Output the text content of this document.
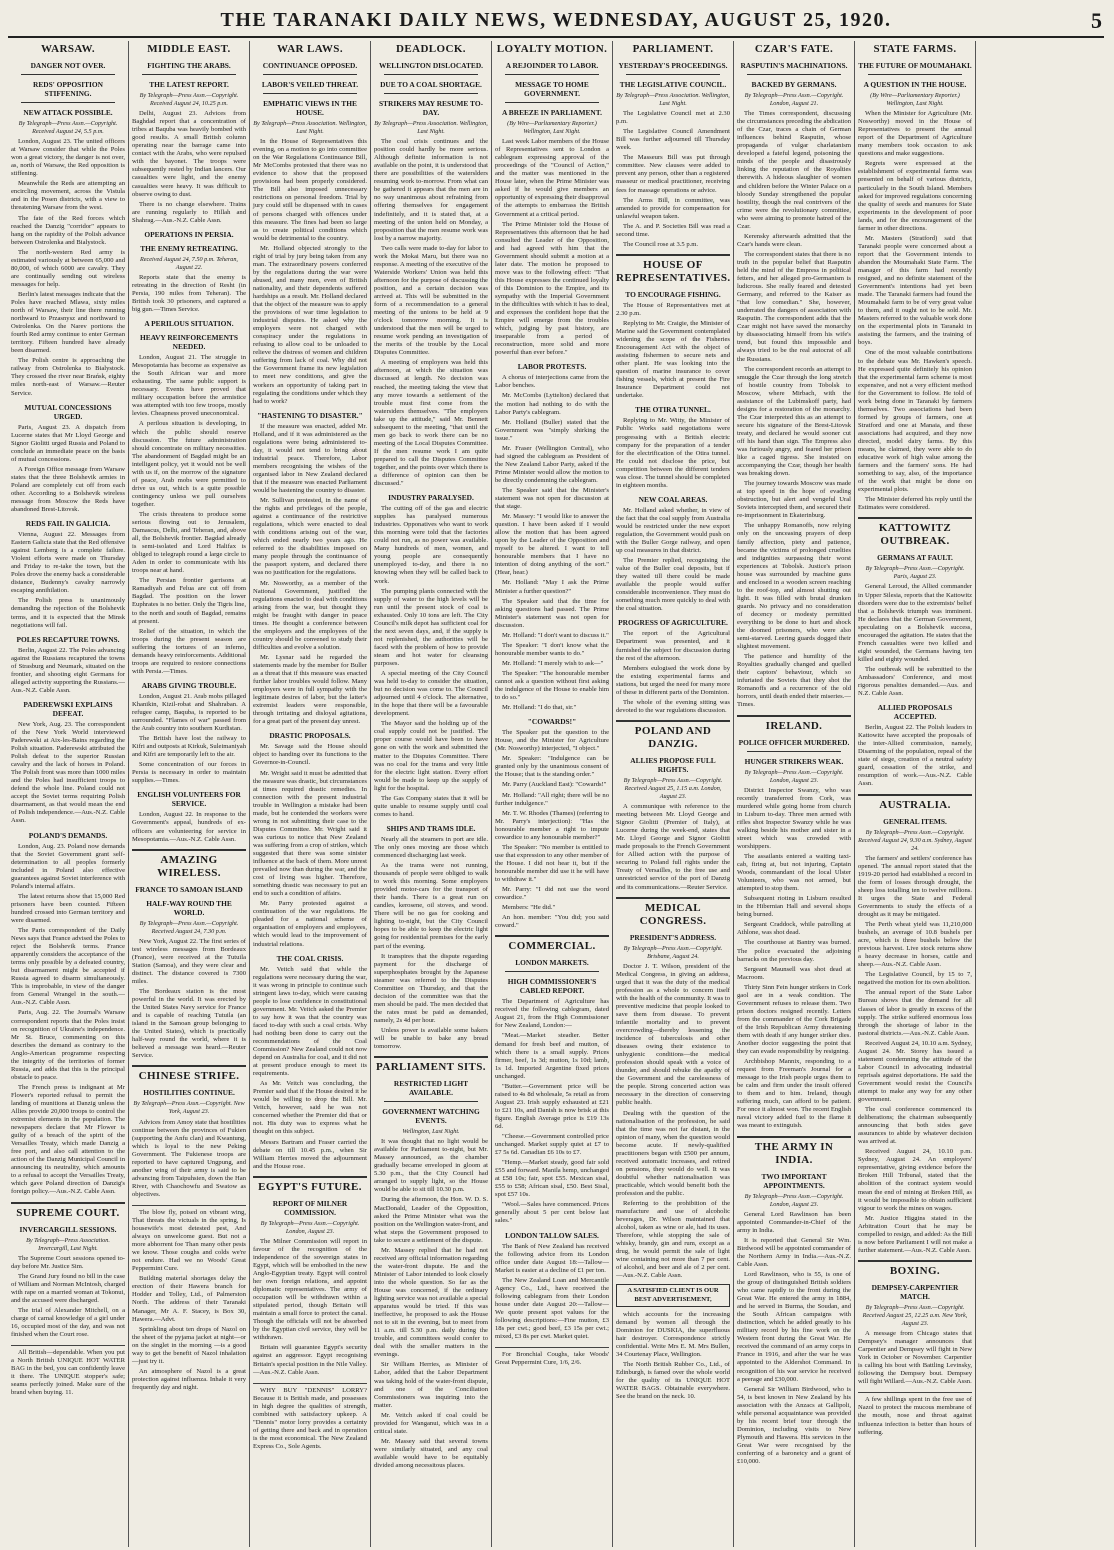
THE TARANAKI DAILY NEWS, WEDNESDAY, AUGUST 25, 1920.	5
WARSAW.
DANGER NOT OVER.
REDS' OPPOSITION STIFFENING.
NEW ATTACK POSSIBLE.
By Telegraph—Press Assn.—Copyright. Received August 24, 5.5 p.m.

London, August 23. The united officers at Warsaw consider that while the Poles won a great victory, the danger is not over, as, north of Warsaw, the Red opposition is stiffening.

Meanwhile the Reds are attempting an encircling movement, across the Vistula and in the Posen districts, with a view to threatening Warsaw from the west.

The fate of the Red forces which reached the Danzig "corridor" appears to hang on the rapidity of the Polish advance between Ostrolenka and Bialystock.

The north-western Red army is estimated variously at between 65,000 and 80,000, of which 6000 are cavalry. They are continually sending out wireless messages for help.

Berlin's latest messages indicate that the Poles have reached Mlawa, sixty miles north of Warsaw, their line there running northward to Przasnysz and northward to Ostrolenka. On the Narev portions the fourth Red army continue to enter German territory. Fifteen hundred have already been disarmed.

The Polish centre is approaching the railway from Ostrolenka to Bialystock. They crossed the river near Brańsk, eighty miles north-east of Warsaw.—Reuter Service.

MUTUAL CONCESSIONS URGED.

Paris, August 23. A dispatch from Lucerne states that Mr Lloyd George and Signor Giolitti urged Russia and Poland to conclude an immediate peace on the basis of mutual concessions.

A Foreign Office message from Warsaw states that the three Bolshevik armies in Poland are completely cut off from each other. According to a Bolshevik wireless message from Moscow the Reds have abandoned Brest-Litovsk.

REDS FAIL IN GALICIA.

Vienna, August 22. Messages from Eastern Galicia state that the Red offensive against Lemberg is a complete failure. Violent efforts were made on Thursday and Friday to re-take the town, but the Poles drove the enemy back a considerable distance, Budenny's cavalry narrowly escaping annihilation.

The Polish press is unanimously demanding the rejection of the Bolshevik terms, and it is expected that the Minsk negotiations will fail.

POLES RECAPTURE TOWNS.

Berlin, August 22. The Poles advancing against the Russians recaptured the towns of Strasburg and Neumark, situated on the frontier, and shooting eight Germans for alleged activity supporting the Russians.—Aus.-N.Z. Cable Assn.

PADEREWSKI EXPLAINS DEFEAT.

New York, Aug. 23. The correspondent of the New York World interviewed Paderewski at Aix-les-Bains regarding the Polish situation. Paderewski attributed the Polish defeat to the superior Russian cavalry and the lack of horses in Poland. The Polish front was more than 1000 miles and the Poles had insufficient troops to defend the whole line. Poland could not accept the Soviet terms requiring Polish disarmament, as that would mean the end of Polish independence.—Aus.-N.Z. Cable Assn.

POLAND'S DEMANDS.

London, Aug. 23. Poland now demands that the Soviet Government grant self-determination to all peoples formerly included in Poland also effective guarantees against Soviet interference with Poland's internal affairs.

The latest returns show that 15,000 Red prisoners have been counted. Fifteen hundred crossed into German territory and were disarmed.

The Paris correspondent of the Daily News says that France advised the Poles to reject the Bolshevik terms. France apparently considers the acceptance of the terms only possible by a defeated country, but disarmament might be accepted if Russia agreed to disarm simultaneously. This is improbable, in view of the danger from General Wrangel in the south.—Aus.-N.Z. Cable Assn.

Paris, Aug. 22. The Journal's Warsaw correspondent reports that the Poles insist on recognition of Ukraine's independence. Mr St. Bruce, commenting on this describes the demand as contrary to the Anglo-American programme respecting the integrity of the territories of former Russia, and adds that this is the principal obstacle to peace.

The French press is indignant at Mr Flower's reported refusal to permit the landing of munitions at Danzig unless the Allies provide 20,000 troops to control the extremist elements in the population. The newspapers declare that Mr Flower is guilty of a breach of the spirit of the Versailles Treaty, which made Danzig a free port, and also call attention to the action of the Danzig Municipal Council in announcing its neutrality, which amounts to a refusal to accept the Versailles Treaty, which gave Poland direction of Danzig's foreign policy.—Aus.-N.Z. Cable Assn.

SUPREME COURT.
INVERCARGILL SESSIONS.
By Telegraph—Press Association. Invercargill, Last Night.

The Supreme Court sessions opened to-day before Mr. Justice Sim.

The Grand Jury found no bill in the case of William and Norman McIntosh, charged with rape on a married woman at Tokonui, and the accused were discharged.

The trial of Alexander Mitchell, on a charge of carnal knowledge of a girl under 16, occupied most of the day, and was not finished when the Court rose.

All British—dependable. When you put a North British UNIQUE HOT WATER BAG in the bed, you can confidently leave it there. The UNIQUE stopper's safe; seams perfectly joined. Make sure of the brand when buying. 11.

MIDDLE EAST.
FIGHTING THE ARABS.
THE LATEST REPORT.
By Telegraph—Press Assn.—Copyright. Received August 24, 10.25 p.m.

Delhi, August 23. Advices from Baghdad report that a concentration of tribes at Baquba was heavily bombed with good results. A small British column operating near the barrage came into contact with the Arabs, who were repulsed with the bayonet. The troops were subsequently rested by Indian lancers. Our casualties were light, and the enemy casualties were heavy. It was difficult to observe owing to dust.

There is no change elsewhere. Trains are running regularly to Hillah and Shahrag.—Aus.-N.Z. Cable Assn.

OPERATIONS IN PERSIA.
THE ENEMY RETREATING.
Received August 24, 7.50 p.m. Teheran, August 22.

Reports state that the enemy is retreating in the direction of Resht (in Persia, 190 miles from Teheran). The British took 30 prisoners, and captured a big gun.—Times Service.

A PERILOUS SITUATION.
HEAVY REINFORCEMENTS NEEDED.

London, August 21. The struggle in Mesopotamia has become as expensive as the South African war and more exhausting. The same public support is necessary. Events have proved that military occupation before the armistice was attempted with too few troops, mostly levies. Cheapness proved uneconomical.

A perilous situation is developing, in which the public should reserve discussion. The future administration should concentrate on military necessities. The abandonment of Bagdad might be an intelligent policy, yet it would not be well with us if, on the morrow of the signature of peace, Arab mobs were permitted to drive us out, which is a quite possible contingency unless we pull ourselves together.

The crisis threatens to produce some serious flowing out to Jerusalem, Damascus, Delhi, and Teheran, and, above all, the Bolshevik frontier. Bagdad already is semi-isolated and Lord Halifax is obliged to telegraph round a large circle to Aden in order to communicate with his troops near at hand.

The Persian frontier garrisons at Ramadiyah and Felua are cut off from Bagdad. The position on the lower Euphrates is no better. Only the Tigris line, to the north and south of Bagdad, remains at present.

Relief of the situation, in which the troops during the present season are suffering the tortures of an inferno, demands heavy reinforcements. Additional troops are required to restore connections with Persia.—Times.

ARABS GIVING TROUBLE.

London, August 21. Arab mobs pillaged Khanikin, Kizil-robat and Shahraban. A refugee camp, Baquba, is reported to be surrounded. "Flames of war" passed from the Arab country into southern Kurdistan.

The British have lost the railway to Kifri and outposts at Kirkuk, Suleimaniyah and Kifri are temporarily left to the air.

Some concentration of our forces in Persia is necessary in order to maintain supplies.—Times.

ENGLISH VOLUNTEERS FOR SERVICE.

London, August 22. In response to the Government's appeal, hundreds of ex-officers are volunteering for service in Mesopotamia.—Aus.-N.Z. Cable Assn.

AMAZING WIRELESS.
FRANCE TO SAMOAN ISLAND
HALF-WAY ROUND THE WORLD.
By Telegraph—Press Assn.—Copyright. Received August 24, 7.30 p.m.

New York, August 22. The first series of test wireless messages from Bordeaux (France), were received at the Tutuila Station (Samoa), and they were clear and distinct. The distance covered is 7300 miles.

The Bordeaux station is the most powerful in the world. It was erected by the United States Navy service for France and is capable of reaching Tutuila (an island in the Samoan group belonging to the United States), which is practically half-way round the world, where it is believed a message was heard.—Reuter Service.

CHINESE STRIFE.
HOSTILITIES CONTINUE.
By Telegraph—Press Assn.—Copyright. New York, August 23.

Advices from Amoy state that hostilities continue between the provinces of Fukien (supporting the Anfu clan) and Kwantung, which is loyal to the new Peking Government. The Fukienese troops are reported to have captured Ungpung, and another wing of their army is said to be advancing from Taipuhsien, down the Han River, with Chaochowfu and Swatow as objectives.

The blow fly, poised on vibrant wing, That threats the victuals in the spring, Is housewife's most detested pest, And always on unwelcome guest. But not a more abhorrent foe Than many other pests we know. Those coughs and colds we're not endure. Had we no Woods' Great Peppermint Cure.

Building material shortages delay the erection of their Hawera branch for Hodder and Tolley, Ltd., of Palmerston North. The address of their Taranaki Manager, Mr A. F. Stacey, is Box 30, Hawera.—Advt.

Sprinkling about ten drops of Nazol on the sheet of the pyjama jacket at night—or on the singlet in the morning —is a good way to get the benefit of Nazol inhalation—just try it.

An atmosphere of Nazol is a great protection against influenza. Inhale it very frequently day and night.

WAR LAWS.
CONTINUANCE OPPOSED.
LABOR'S VEILED THREAT.
EMPHATIC VIEWS IN THE HOUSE.
By Telegraph—Press Association. Wellington, Last Night.

In the House of Representatives this evening, on a motion to go into committee on the War Regulations Continuance Bill, Mr McCombs protested that there was no evidence to show that the proposed provisions had been properly considered. The Bill also imposed unnecessary restrictions on personal freedom. Trial by jury could still be dispensed with in cases of persons charged with offences under this measure. The fines had been so large as to create political conditions which would be detrimental to the country.

Mr. Holland objected strongly to the right of trial by jury being taken from any man. The extraordinary powers conferred by the regulations during the war were abused, and many men, even of British nationality, and their dependents suffered hardships as a result. Mr. Holland declared that the object of the measure was to apply the provisions of war time legislation to industrial disputes. He asked why the employers were not charged with conspiracy under the regulations in refusing to allow coal to be unloaded to relieve the distress of women and children suffering from lack of coal. Why did not the Government frame its new legislation to meet new conditions, and give the workers an opportunity of taking part in regulating the conditions under which they had to work?

"HASTENING TO DISASTER."

If the measure was enacted, added Mr. Holland, and if it was administered as the regulations were being administered to-day, it would not tend to bring about industrial peace. Therefore, Labor members recognising the wishes of the organised labor in New Zealand declared that if the measure was enacted Parliament would be hastening the country to disaster.

Mr. Sullivan protested, in the name of the rights and privileges of the people, against a continuance of the restrictive regulations, which were enacted to deal with conditions arising out of the war, which ended nearly two years ago. He referred to the disabilities imposed on many people through the continuance of the passport system, and declared there was no justification for the regulations.

Mr. Nosworthy, as a member of the National Government, justified the regulations enacted to deal with conditions arising from the war, but thought they might be fraught with danger in peace times. He thought a conference between the employers and the employees of the country should be convened to study their difficulties and evolve a solution.

Mr. Lysnar said he regarded the statements made by the member for Buller as a threat that if this measure was enacted further labor troubles would follow. Many employers were in full sympathy with the legitimate desires of labor, but the latter's extremist leaders were responsible, through irritating and disloyal agitations, for a great part of the present day unrest.

DRASTIC PROPOSALS.

Mr. Savage said the House should object to handing over its functions to the Governor-in-Council.

Mr. Wright said it must be admitted that the measure was drastic, but circumstances at times required drastic remedies. In connection with the present industrial trouble in Wellington a mistake had been made, but he contended the workers were wrong in not submitting their case to the Disputes Committee. Mr. Wright said it was curious to notice that New Zealand was suffering from a crop of strikes, which suggested that there was some sinister influence at the back of them. More unrest prevailed now than during the war, and the cost of living was higher. Therefore, something drastic was necessary to put an end to such a condition of affairs.

Mr. Parry protested against a continuation of the war regulations. He pleaded for a national scheme of organisation of employers and employees, which would lead to the improvement of industrial relations.

THE COAL CRISIS.

Mr. Veitch said that while the regulations were necessary during the war, it was wrong in principle to continue such stringent laws to-day, which were causing people to lose confidence in constitutional government. Mr. Veitch asked the Premier to say how it was that the country was faced to-day with such a coal crisis. Why had nothing been done to carry out the recommendations of the Coal Commission? New Zealand could not now depend on Australia for coal, and it did not at present produce enough to meet its requirements.

As Mr. Veitch was concluding, the Premier said that if the House desired it he would be willing to drop the Bill. Mr. Veitch, however, said he was not concerned whether the Premier did that or not. His duty was to express what he thought on this subject.

Messrs Bartram and Fraser carried the debate on till 10.45 p.m., when Sir William Herries moved the adjournment and the House rose.

EGYPT'S FUTURE.
REPORT OF MILNER COMMISSION.
By Telegraph—Press Assn.—Copyright. London, August 23.

The Milner Commission will report in favour of the recognition of the independence of the sovereign states in Egypt, which will be embodied in the new Anglo-Egyptian treaty. Egypt will control her own foreign relations, and appoint diplomatic representatives. The army of occupation will be withdrawn within a stipulated period, though Britain will maintain a small force to protect the canal. Though the officials will not be absorbed by the Egyptian civil service, they will be withdrawn.

Britain will guarantee Egypt's security against an aggressor. Egypt recognising Britain's special position in the Nile Valley.—Aus.-N.Z. Cable Assn.

WHY BUY "DENNIS" LORRY? Because it is British made, and possesses in high degree the qualities of strength, combined with satisfactory upkeep. A "Dennis" motor lorry provides a certainty of getting there and back and in operation is the most economical. The New Zealand Express Co., Sole Agents.

DEADLOCK.
WELLINGTON DISLOCATED.
DUE TO A COAL SHORTAGE.
STRIKERS MAY RESUME TO-DAY.
By Telegraph—Press Association. Wellington, Last Night.

The coal crisis continues and the position could hardly be more serious. Although definite information is not available on the point, it is understood that there are possibilities of the waterslders resuming work to-morrow. From what can be gathered it appears that the men are in no way unanimous about refraining from offering themselves for engagement indefinitely, and it is stated that, at a meeting of the union held on Monday, a proposition that the men resume work was lost by a narrow majority.

Two calls were made to-day for labor to work the Mokai Maru, but there was no response. A meeting of the executive of the Waterside Workers' Union was held this afternoon for the purpose of discussing the position, and a certain decision was arrived at. This will be submitted in the form of a recommendation to a general meeting of the unions to be held at 9 o'clock tomorrow morning. It is understood that the men will be urged to resume work pending an investigation of the merits of the trouble by the Local Disputes Committee.

A meeting of employers was held this afternoon, at which the situation was discussed at length. No decision was reached, the meeting taking the view that any move towards a settlement of the trouble must first come from the watersiders themselves. "The employers take up the attitude," said Mr. Bennett subsequent to the meeting, "that until the men go back to work there can be no meeting of the Local Disputes Committee. If the men resume work I am quite prepared to call the Disputes Committee together, and the points over which there is a difference of opinion can then be discussed."

INDUSTRY PARALYSED.

The cutting off of the gas and electric supplies has paralysed numerous industries. Opponatives who want to work this morning were told that the factories could not run, as no power was available. Many hundreds of men, women, and young people are consequently unemployed to-day, and there is no knowing when they will be called back to work.

The pumping plants connected with the supply of water to the high levels will be run until the present stock of coal is exhausted. Only 10 tons are left. The City Council's milk depot has sufficient coal for the next seven days, and, if the supply is not replenished, the authorities will be faced with the problem of how to provide steam and hot water for cleansing purposes.

A special meeting of the City Council was held to-day to consider the situation, but no decision was come to. The Council adjourned until 4 o'clock. The alternative, in the hope that there will be a favourable development.

The Mayor said the holding up of the coal supply could not be justified. The proper course would have been to have gone on with the work and submitted the matter to the Disputes Committee. There was no coal for the trams and very little for the electric light station. Every effort would be made to keep up the supply of light for the hospital.

The Gas Company states that it will be quite unable to resume supply until coal comes to hand.

SHIPS AND TRAMS IDLE.

Nearly all the steamers in port are idle. The only ones moving are those which commenced discharging last week.

As the trams were not running, thousands of people were obliged to walk to work this morning. Some employers provided motor-cars for the transport of their hands. There is a great run on candles, kerosene, oil stoves, and wood. There will be no gas for cooking and lighting to-night, but the City Council hopes to be able to keep the electric light going for residential premises for the early part of the evening.

It transpires that the dispute regarding payment for the discharge of superphosphates brought by the Japanese steamer was referred to the Disputes Committee on Thursday, and that the decision of the committee was that the men should be paid. The men decided that the rates must be paid as demanded, namely, 2s 4d per hour.

Unless power is available some bakers will be unable to bake any bread tomorrow.

PARLIAMENT SITS.
RESTRICTED LIGHT AVAILABLE.
GOVERNMENT WATCHING EVENTS.
Wellington, Last Night.

It was thought that no light would be available for Parliament to-night, but Mr. Massey announced, as the chamber gradually became enveloped in gloom at 5.30 p.m., that the City Council had arranged to supply light, so the House would be able to sit till 10.30 p.m.

During the afternoon, the Hon. W. D. S. MacDonald, Leader of the Opposition, asked the Prime Minister what was the position on the Wellington water-front, and what steps the Government proposed to take to secure a settlement of the dispute.

Mr. Massey replied that he had not received any official information regarding the water-front dispute. He and the Minister of Labor intended to look closely into the whole question. So far as the House was concerned, if the ordinary lighting service was not available a special apparatus would be tried. If this was ineffective, he proposed to ask the House not to sit in the evening, but to meet from 11 a.m. till 5.30 p.m. daily during the trouble, and committees would confer to deal with the smaller matters in the evenings.

Sir William Herries, as Minister of Labor, added that the Labor Department was taking hold of the water-front dispute, and one of the Conciliation Commissioners was inquiring into the matter.

Mr. Veitch asked if coal could be provided for Wanganui, which was in a critical state.

Mr. Massey said that several towns were similarly situated, and any coal available would have to be equitably divided among necessitous places.

LOYALTY MOTION.
A REJOINDER TO LABOR.
MESSAGE TO HOME GOVERNMENT.
A BREEZE IN PARLIAMENT.
(By Wire—Parliamentary Reporter.) Wellington, Last Night.

Last week Labor members of the House of Representatives sent to London a cablegram expressing approval of the proceedings of the "Council of Action," and the matter was mentioned in the House later, when the Prime Minister was asked if he would give members an opportunity of expressing their disapproval of the attempts to embarrass the British Government at a critical period.

The Prime Minister told the House of Representatives this afternoon that he had consulted the Leader of the Opposition, and had agreed with him that the Government should submit a motion at a later date. The motion he proposed to move was to the following effect: "That this House expresses the continued loyalty of this Dominion to the Empire, and its sympathy with the Imperial Government in the difficulties with which it has to deal, and expresses the confident hope that the Empire will emerge from the troubles which, judging by past history, are inseparable from a period of reconstruction, more solid and more powerful than ever before."

LABOR PROTESTS.

A chorus of interjections came from the Labor benches.

Mr. McCombs (Lyttelton) declared that the motion had nothing to do with the Labor Party's cablegram.

Mr. Holland (Buller) stated that the Government was "simply shirking the issue."

Mr. Fraser (Wellington Central), who had signed the cablegram as President of the New Zealand Labor Party, asked if the Prime Minister would allow the motion to be directly condemning the cablegram.

The Speaker said that the Minister's statement was not open for discussion at that stage.

Mr. Massey: "I would like to answer the question. I have been asked if I would allow the motion that has been agreed upon by the Leader of the Opposition and myself to be altered. I want to tell honourable members that I have no intention of doing anything of the sort." (Hear, hear.)

Mr. Holland: "May I ask the Prime Minister a further question?"

The Speaker said that the time for asking questions had passed. The Prime Minister's statement was not open for discussion.

Mr. Holland: "I don't want to discuss it."

The Speaker: "I don't know what the honourable member wants to do."

Mr. Holland: "I merely wish to ask—"

The Speaker: "The honourable member cannot ask a question without first asking the indulgence of the House to enable him to do so."

Mr. Holland: "I do that, sir."

"COWARDS!"

The Speaker put the question to the House, and the Minister for Agriculture (Mr. Nosworthy) interjected, "I object."

Mr. Speaker: "Indulgence can be granted only by the unanimous consent of the House; that is the standing order."

Mr. Parry (Auckland East): "Cowards!"

Mr. Holland: "All right; there will be no further indulgence."

Mr. T. W. Rhodes (Thames) (referring to Mr. Parry's interjection): "Has the honourable member a right to impute cowardice to any honourable member?"

The Speaker: "No member is entitled to use that expression to any other member of the House. I did not hear it, but if the honourable member did use it he will have to withdraw it."

Mr. Parry: "I did not use the word cowardice."

Members: "He did."

An hon. member: "You did; you said coward."

COMMERCIAL.
LONDON MARKETS.
HIGH COMMISSIONER'S CABLED REPORT.

The Department of Agriculture has received the following cablegram, dated August 21, from the High Commissioner for New Zealand, London:—

"Meat.—Market steadier. Better demand for fresh beef and mutton, of which there is a small supply. Prices firmer, beef, 1s 3d; mutton, 1s 10d; lamb, 1s 1d. Imported Argentine fixed prices unchanged.

"Butter.—Government price will be raised to 4s 8d wholesale, 5s retail as from August 23. Irish supply exhausted at £21 to £21 10s, and Danish is now brisk at this figure. English Average price is £19 13s 6d.

"Cheese.—Government controlled price unchanged. Market supply quiet at £7 to £7 5s 6d. Canadian £6 10s to £7.

"Hemp.—Market steady, good fair sold £55 and forward. Manila hemp, unchanged at £58 10s; fair, spot £55. Mexican sisal, £55 to £58; African sisal, £50. Best Sisal, spot £57 10s.

"Wool.—Sales have commenced. Prices generally about 5 per cent below last sales."

LONDON TALLOW SALES.

The Bank of New Zealand has received the following advice from its London office under date August 18:—Tallow—Market is easier at a decline of £1 per ton.

The New Zealand Loan and Mercantile Agency Co., Ltd., have received the following cablegram from their London house under date August 20:—Tallow—We quote present spot values for the following descriptions:—Fine mutton, £3 18s per cwt.; good beef, £3 15s per cwt.; mixed, £3 8s per cwt. Market quiet.

For Bronchial Coughs, take Woods' Great Peppermint Cure, 1/6, 2/6.

PARLIAMENT.
YESTERDAY'S PROCEEDINGS.
THE LEGISLATIVE COUNCIL.
By Telegraph—Press Association. Wellington, Last Night.

The Legislative Council met at 2.30 p.m.

The Legislative Council Amendment Bill was further adjourned till Thursday week.

The Masseurs Bill was put through committee. New clauses were added to prevent any person, other than a registered masseur or medical practitioner, receiving fees for massage operations or advice.

The Arms Bill, in committee, was amended to provide for compensation for unlawful weapon taken.

The A. and P. Societies Bill was read a second time.

The Council rose at 3.5 p.m.

HOUSE OF REPRESENTATIVES.
TO ENCOURAGE FISHING.

The House of Representatives met at 2.30 p.m.

Replying to Mr. Craigie, the Minister of Marine said the Government contemplated widening the scope of the Fisheries Encouragement Act with the object of assisting fishermen to secure nets and other plant. He was looking into the question of marine insurance to cover fishing vessels, which at present the Fire Insurance Department could not undertake.

THE OTIRA TUNNEL.

Replying to Mr. Witty, the Minister of Public Works said negotiations were progressing with a British electric company for the preparation of a tender for the electrification of the Otira tunnel. He could not disclose the price, but competition between the different tenders was close. The tunnel should be completed in eighteen months.

NEW COAL AREAS.

Mr. Holland asked whether, in view of the fact that the coal supply from Australia would be restricted under the new export regulation, the Government would push on with the Buller Gorge railway, and open up coal measures in that district.

The Premier replied, recognising the value of the Buller coal deposits, but if they waited till there could be made available the people would suffer considerable inconvenience. They must do something much more quickly to deal with the coal situation.

PROGRESS OF AGRICULTURE.

The report of the Agricultural Department was presented, and it furnished the subject for discussion during the rest of the afternoon.

Members eulogised the work done by the existing experimental farms and stations, but urged the need for many more of these in different parts of the Dominion.

The whole of the evening sitting was devoted to the war regulations discussion.

POLAND AND DANZIG.
ALLIES PROPOSE FULL RIGHTS.
By Telegraph—Press Assn.—Copyright. Received August 25, 1.15 a.m. London, August 23.

A communique with reference to the meeting between Mr. Lloyd George and Signor Giolitti (Premier of Italy), at Lucerne during the week-end, states that Mr. Lloyd George and Signor Giolitti made proposals to the French Government for Allied action with the purpose of securing to Poland full rights under the Treaty of Versailles, to the free use and unrestricted service of the port of Danzig and its communications.—Reuter Service.

MEDICAL CONGRESS.
PRESIDENT'S ADDRESS.
By Telegraph—Press Assn.—Copyright. Brisbane, August 24.

Doctor J. T. Wilson, president of the Medical Congress, in giving an address, urged that it was the duty of the medical profession as a whole to concern itself with the health of the community. It was to preventive medicine that people looked to save them from disease. To prevent infantile mortality and to prevent overcrowding—thereby lessening the incidence of tuberculosis and other diseases owing their existence to unhygienic conditions—the medical profession should speak with a voice of thunder, and should rebuke the apathy of the Government and the carelessness of the people. Strong concerted action was necessary in the direction of conserving public health.

Dealing with the question of the nationalisation of the profession, he said that the time was not far distant, in the opinion of many, when the question would become acute. If newly-qualified practitioners began with £500 per annum, received automatic increases, and retired on pensions, they would do well. It was doubtful whether nationalisation was practicable, which would benefit both the profession and the public.

Referring to the prohibition of the manufacture and use of alcoholic beverages, Dr. Wilson maintained that alcohol, taken as wine or ale, had its uses. Therefore, while stopping the sale of whisky, brandy, gin and rum, except as a drug, he would permit the sale of light wine containing not more than 7 per cent. of alcohol, and beer and ale of 2 per cent.—Aus.-N.Z. Cable Assn.

A SATISFIED CLIENT IS OUR BEST ADVERTISEMENT,

which accounts for the increasing demand by women all through the Dominion for DUSKIA, the superfluous hair destroyer. Correspondence strictly confidential. Write Mrs E. M. Mrs Bullen, 34 Courtenay Place, Wellington.

The North British Rubber Co., Ltd., of Edinburgh, is famed over the whole world for the quality of its UNIQUE HOT WATER BAGS. Obtainable everywhere. See the brand on the neck. 10.

CZAR'S FATE.
RASPUTIN'S MACHINATIONS.
BACKED BY GERMANS.
By Telegraph—Press Assn.—Copyright. London, August 21.

The Times correspondent, discussing the circumstances preceding the abdication of the Czar, traces a chain of German influences behind Rasputin, whose propaganda of vulgar charlatanism developed a fateful legend, poisoning the minds of the people and disastrously linking the reputation of the Royalties therewith. A hideous slaughter of women and children before the Winter Palace on a bloody Sunday strengthened the popular hostility, though the real contrivers of the crime were the revolutionary committee, who were aiming to promote hatred of the Czar.

Kerensky afterwards admitted that the Czar's hands were clean.

The correspondent states that there is no truth in the popular belief that Rasputin held the mind of the Empress in political fetters, and her alleged pro-Germanism is ludicrous. She really feared and detested Germany, and referred to the Kaiser as "that low comedian." She, however, underrated the dangers of association with Rasputin. The correspondent adds that the Czar might not have saved the monarchy by disassociating himself from his wife's trend, but found this impossible and always tried to be the real autocrat of all the Russians.

The correspondent records an attempt to smuggle the Czar through the long stretch of hostile country from Tobolsk to Moscow, where Mirbach, with the assistance of the Lubimskoff party, had designs for a restoration of the monarchy. The Czar interpreted this as an attempt to secure his signature of the Brest-Litovsk treaty, and declared he would sooner cut off his hand than sign. The Empress also was furiously angry, and feared her prison like a caged tigress. She insisted on accompanying the Czar, though her health was breaking down.

The journey towards Moscow was made at top speed in the hope of evading obstruction, but alert and vengeful Ural Soviets intercepted them, and secured their re-imprisonment in Ekaterinburg.

The unhappy Romanoffs, now relying only on the unceasing prayers of deep family affection, piety and patience, became the victims of prolonged cruelties and indignities surpassing their worst experiences at Tobolsk. Justice's prison house was surrounded by machine guns and enclosed in a wooden screen reaching to the roof-top, and almost shutting out light. It was filled with brutal drunken guards. No privacy and no consideration of decency or modesty permitted everything to be done to hurt and shock the doomed prisoners, who were also semi-starved. Leering guards dogged their slightest movement.

The patience and humility of the Royalties gradually changed and quelled their captors' behaviour, which so infuriated the Soviets that they shot the Romanoffs and a recurrence of the old horrors, until death ended their miseries.—Times.

IRELAND.
POLICE OFFICER MURDERED.
HUNGER STRIKERS WEAK.
By Telegraph—Press Assn.—Copyright. London, August 23.

District Inspector Swanzy, who was recently transferred from Cork, was murdered while going home from church in Lisburn to-day. Three men armed with rifles shot Inspector Swanzy while he was walking beside his mother and sister in a street which was crowded with worshippers.

The assailants entered a waiting taxi-cab, firing at, but not injuring, Captain Woods, commandant of the local Ulster Volunteers, who was not armed, but attempted to stop them.

Subsequent rioting in Lisburn resulted in the Hibernian Hall and several shops being burned.

Sergeant Craddock, while patrolling at Athlone, was shot dead.

The courthouse at Bantry was burned. The police evacuated the adjoining barracks on the previous day.

Sergeant Maunsell was shot dead at Macroom.

Thirty Sinn Fein hunger strikers in Cork gaol are in a weak condition. The Government refuses to release them. Two prison doctors resigned recently. Letters from the commander of the Cork Brigade of the Irish Republican Army threatening them with death if any hunger striker dies. Another doctor suggesting the point that they can evade responsibility by resigning.

Archbishop Mannix, responding to a request from Freeman's Journal for a message to the Irish people urges them to be calm and firm under the insult offered to them and to him. Ireland, though suffering much, can afford to be patient. For once it almost won. The recent English naval victory added fuel to the flame it was meant to extinguish.

THE ARMY IN INDIA.
TWO IMPORTANT APPOINTMENTS.
By Telegraph—Press Assn.—Copyright. London, August 23.

General Lord Rawlinson has been appointed Commander-in-Chief of the army in India.

It is reported that General Sir Wm. Birdwood will be appointed commander of the Northern Army in India.—Aus.-N.Z. Cable Assn.

Lord Rawlinson, who is 55, is one of the group of distinguished British soldiers who came rapidly to the front during the Great War. He entered the army in 1884, and he served in Burma, the Soudan, and the South African campaigns with distinction, which he added greatly to his military record by his fine work on the Western front during the Great War. He received the command of an army corps in France in 1916, and after the war he was appointed to the Aldershot Command. In recognition of his war service he received a peerage and £30,000.

General Sir William Birdwood, who is 54, is best known in New Zealand by his association with the Anzacs at Gallipoli, while personal acquaintance was provided by his recent brief tour through the Dominion, including visits to New Plymouth and Hawera. His services in the Great War were recognised by the conferring of a baronetcy and a grant of £10,000.

STATE FARMS.
THE FUTURE OF MOUMAHAKI.
A QUESTION IN THE HOUSE.
(By Wire—Parliamentary Reporter.) Wellington, Last Night.

When the Minister for Agriculture (Mr. Nosworthy) moved in the House of Representatives to present the annual report of the Department of Agriculture many members took occasion to ask questions and make suggestions.

Regrets were expressed at the establishment of experimental farms was presented on behalf of various districts, particularly in the South Island. Members asked for improved regulations concerning the quality of seeds and manures for State experiments in the development of poor lands, and for the encouragement of the farmer in other directions.

Mr. Masters (Stratford) said that Taranaki people were concerned about a report that the Government intends to abandon the Moumahaki State Farm. The manager of this farm had recently resigned, and no definite statement of the Government's intentions had yet been made. The Taranaki farmers had found the Moumahaki farm to be of very great value to them, and it ought not to be sold. Mr. Masters referred to the valuable work done on the experimental plots in Taranaki in assisting the farmers, and the training of boys.

One of the most valuable contributions to the debate was Mr. Hawken's speech. He expressed quite definitely his opinion that the experimental farm scheme is most expensive, and not a very efficient method for the Government to follow. He told of work being done in Taranaki by farmers themselves. Two associations had been formed by groups of farmers, one at Stratford and one at Manaia, and these associations had acquired, and they now directed, model dairy farms. By this means, he claimed, they were able to do educative work of high value among the farmers and the farmers' sons. He had something to say, also, of the importance of the work that might be done on experimental plots.

The Minister deferred his reply until the Estimates were considered.

KATTOWITZ OUTBREAK.
GERMANS AT FAULT.
By Telegraph—Press Assn.—Copyright. Paris, August 23.

General Leroud, the Allied commander in Upper Silesia, reports that the Kattowitz disorders were due to the extremists' belief that a Bolshevik triumph was imminent. He declares that the German Government, speculating on a Bolshevik success, encouraged the agitation. He states that the French casualties were two killed and eight wounded, the Germans having ten killed and eighty wounded.

The outbreak will be submitted to the Ambassadors' Conference, and most rigorous penalties demanded.—Aus. and N.Z. Cable Assn.

ALLIED PROPOSALS ACCEPTED.

Berlin, August 22. The Polish leaders in Kattowitz have accepted the proposals of the inter-Allied commission, namely, Disarming of the population, repeal of the state of siege, creation of a neutral safety guard, cessation of the strike, and resumption of work.—Aus.-N.Z. Cable Assn.

AUSTRALIA.
GENERAL ITEMS.
By Telegraph—Press Assn.—Copyright. Received August 24, 9.30 a.m. Sydney, August 24.

The farmers' and settlers' conference has opened. The annual report stated that the 1919-20 period had established a record in the form of losses through drought, the sheep loss totalling ten to twelve millions. It urges the State and Federal Governments to study the effects of a drought as it may be mitigated.

The Perth wheat yield was 11,210,000 bushels, an average of 10.8 bushels per acre, which is three bushels below the previous harvest. Live stock returns show a heavy decrease in horses, cattle and sheep.—Aus.-N.Z. Cable Assn.

The Legislative Council, by 15 to 7, negatived the motion for its own abolition.

The annual report of the State Labor Bureau shows that the demand for all classes of labor is greatly in excess of the supply. The strike suffered enormous loss through the shortage of labor in the pastoral districts.—Aus.-N.Z. Cable Assn.

Received August 24, 10.10 a.m. Sydney, August 24. Mr. Storey has issued a statement condemning the attitude of the Labor Council in advocating industrial reprisals against deportations. He said the Government would resist the Council's attempt to make any way for any other government.

The coal conference commenced its deliberations; the chairman subsequently announcing that both sides gave assurances to abide by whatever decision was arrived at.

Received August 24, 10.10 p.m. Sydney, August 24. An employers' representative, giving evidence before the Broken Hill Tribunal, stated that the abolition of the contract system would mean the end of mining at Broken Hill, as it would be impossible to obtain sufficient vigour to work the mines on wages.

Mr. Justice Higgins stated in the Arbitration Court that he may be compelled to resign, and added: As the Bill is now before Parliament I will not make a further statement.—Aus.-N.Z. Cable Assn.

BOXING.
DEMPSEY-CARPENTIER MATCH.
By Telegraph—Press Assn.—Copyright. Received August 25, 12.25 a.m. New York, August 23.

A message from Chicago states that Dempsey's manager announces that Carpentier and Dempsey will fight in New York in October or November. Carpentier is calling his bout with Battling Levinsky, following the Dempsey bout. Dempsey will fight Willard.—Aus.-N.Z. Cable Assn.

A few shillings spent in the free use of Nazol to protect the mucous membrane of the mouth, nose and throat against influenza infection is better than hours of suffering.
